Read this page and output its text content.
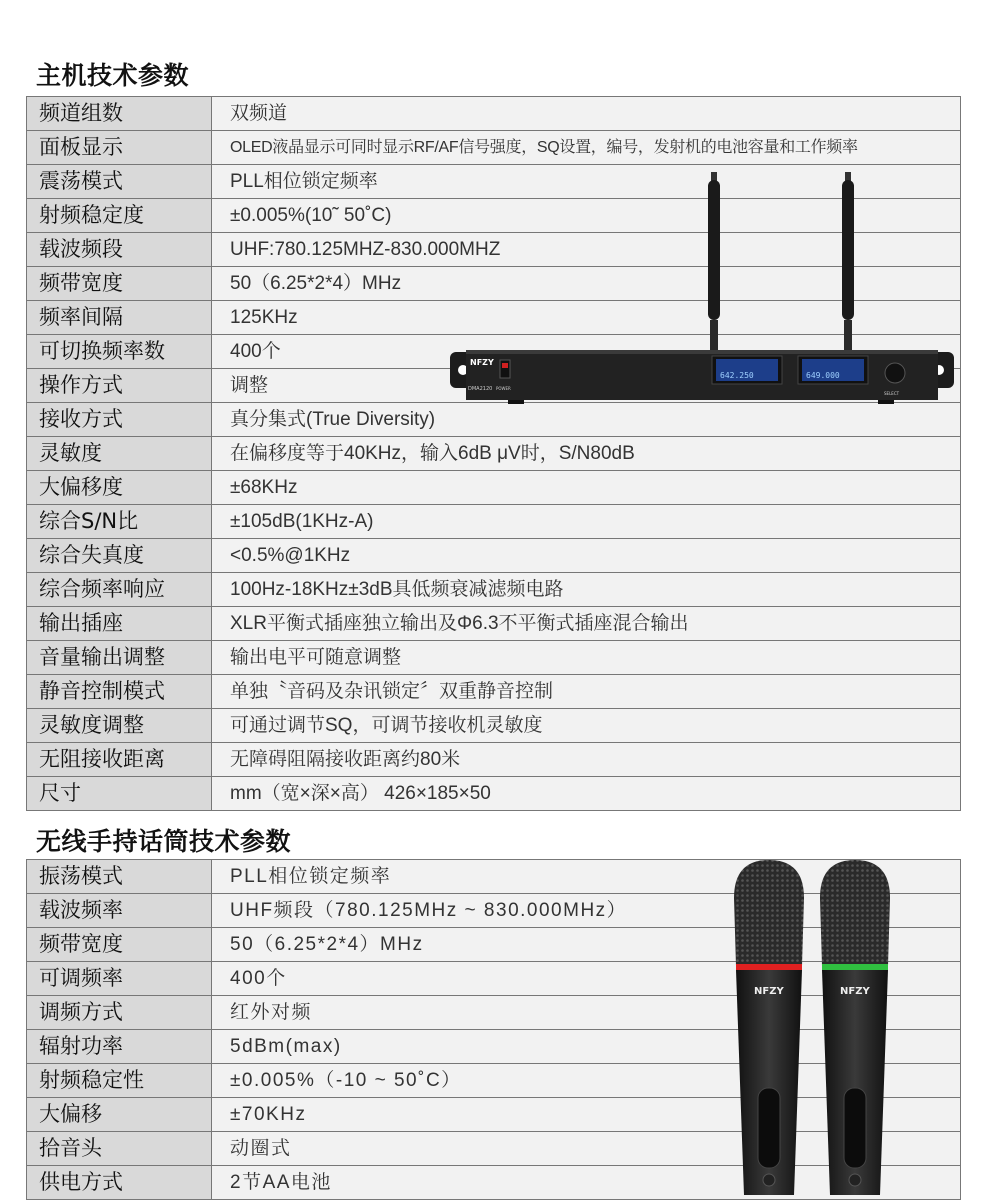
主机技术参数
频道组数	双频道
面板显示	OLED液晶显示可同时显示RF/AF信号强度，SQ设置，编号，发射机的电池容量和工作频率
震荡模式	PLL相位锁定频率
射频稳定度	±0.005%(10˜ 50˚C)
载波频段	UHF:780.125MHZ-830.000MHZ
频带宽度	50（6.25*2*4）MHz
频率间隔	125KHz
可切换频率数	400个
操作方式	调整
接收方式	真分集式(True Diversity)
灵敏度	在偏移度等于40KHz，输入6dB μV时，S/N80dB
大偏移度	±68KHz
综合S/N比	±105dB(1KHz-A)
综合失真度	<0.5%@1KHz
综合频率响应	100Hz-18KHz±3dB具低频衰减滤频电路
输出插座	XLR平衡式插座独立输出及Φ6.3不平衡式插座混合输出
音量输出调整	输出电平可随意调整
静音控制模式	单独〝音码及杂讯锁定〞双重静音控制
灵敏度调整	可通过调节SQ，可调节接收机灵敏度
无阻接收距离	无障碍阻隔接收距离约80米
尺寸	mm（宽×深×高） 426×185×50
无线手持话筒技术参数
振荡模式	PLL相位锁定频率
载波频率	UHF频段（780.125MHz ~ 830.000MHz）
频带宽度	50（6.25*2*4）MHz
可调频率	400个
调频方式	红外对频
辐射功率	5dBm(max)
射频稳定性	±0.005%（-10 ~ 50˚C）
大偏移	±70KHz
拾音头	动圈式
供电方式	2节AA电池
NFZY
DMA2120 POWER
642.250	649.000
SELECT
NFZY	NFZY
